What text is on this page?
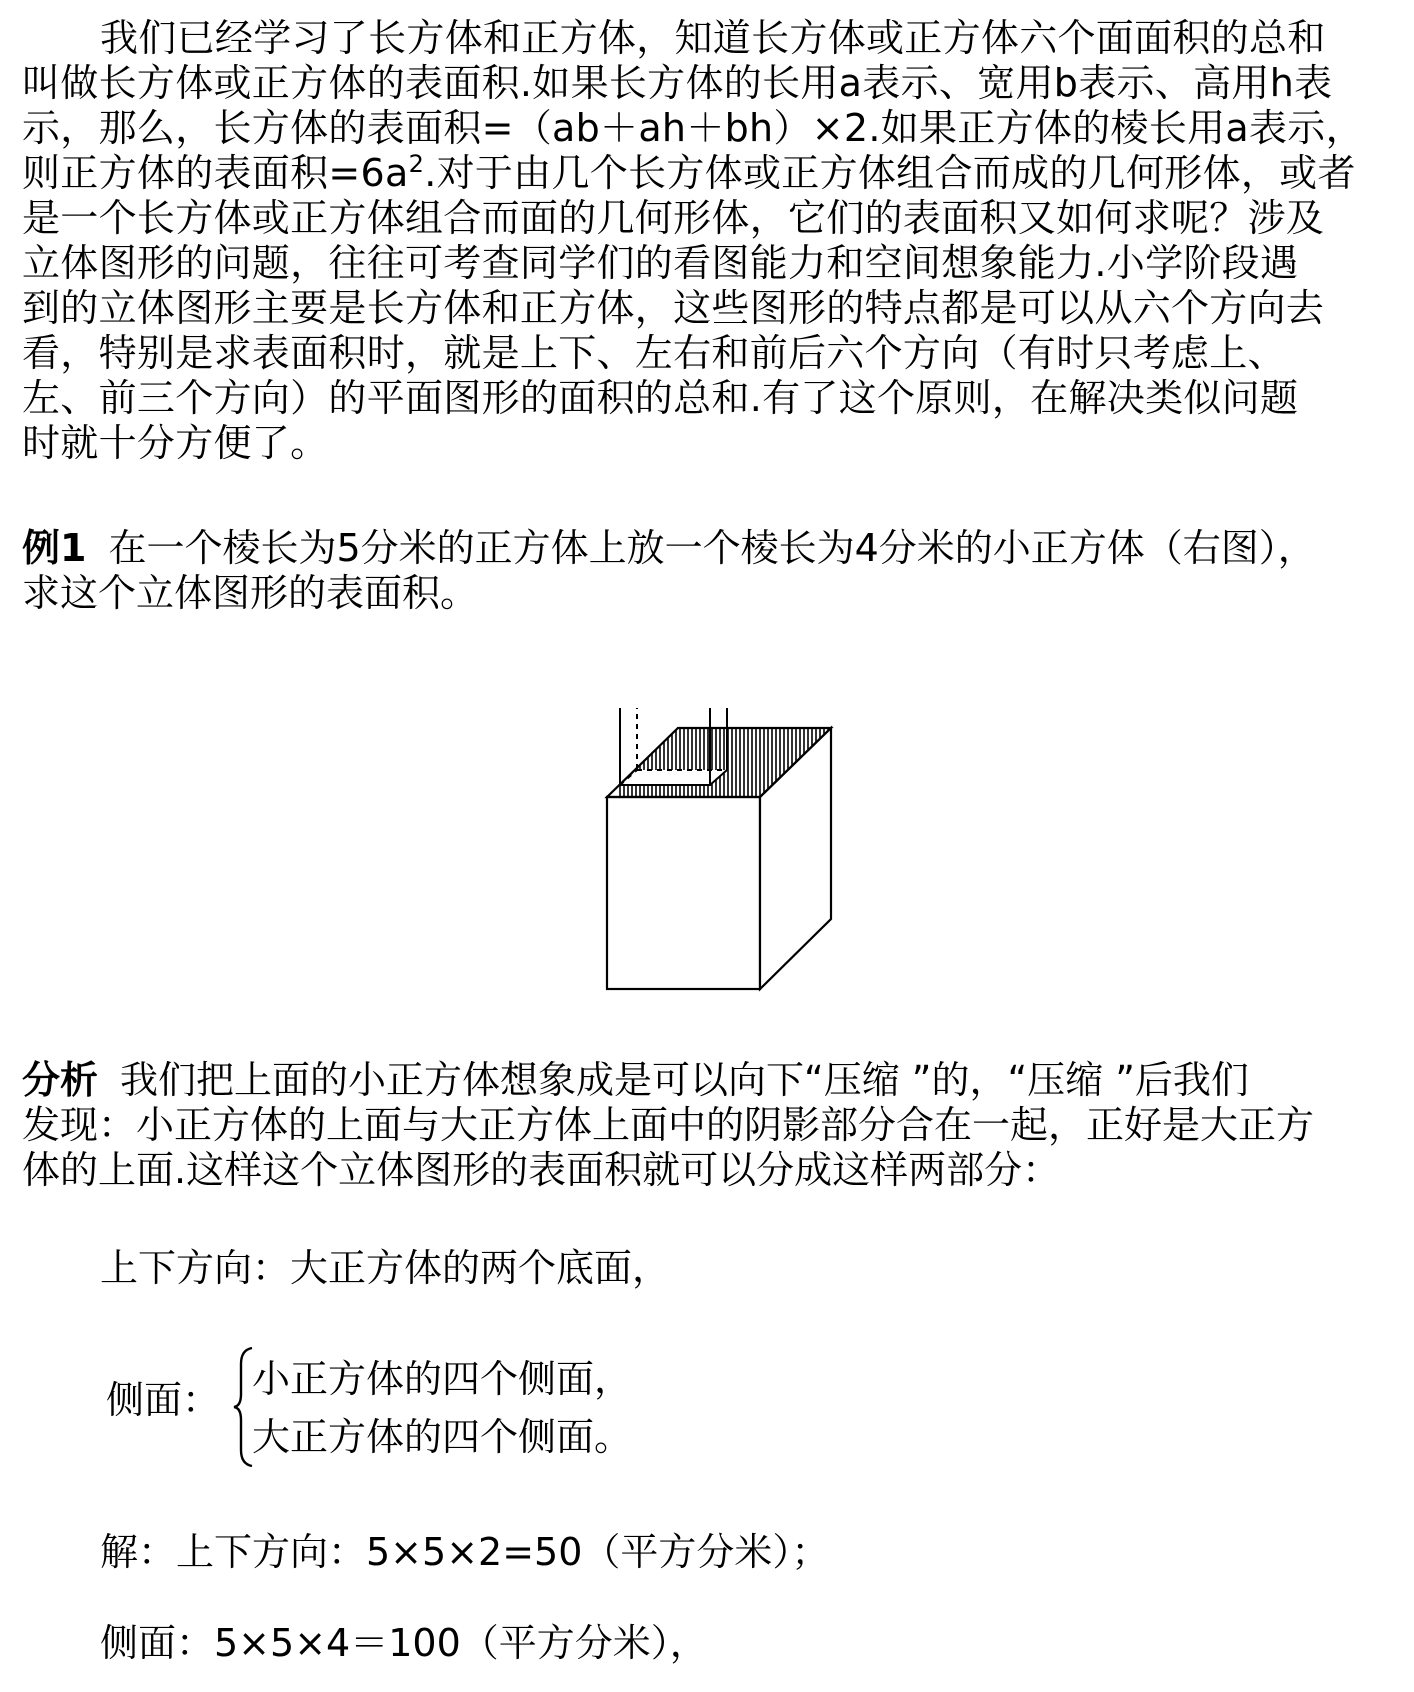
我们已经学习了长方体和正方体，知道长方体或正方体六个面面积的总和
叫做长方体或正方体的表面积.如果长方体的长用a表示、宽用b表示、高用h表
示，那么，长方体的表面积=（ab＋ah＋bh）×2.如果正方体的棱长用a表示，
则正方体的表面积$=6a^2$.对于由几个长方体或正方体组合而成的几何形体，或者
是一个长方体或正方体组合而面的几何形体，它们的表面积又如何求呢？涉及
立体图形的问题，往往可考查同学们的看图能力和空间想象能力.小学阶段遇
到的立体图形主要是长方体和正方体，这些图形的特点都是可以从六个方向去
看，特别是求表面积时，就是上下、左右和前后六个方向（有时只考虑上、
左、前三个方向）的平面图形的面积的总和.有了这个原则，在解决类似问题
时就十分方便了。
例1 在一个棱长为5分米的正方体上放一个棱长为4分米的小正方体（右图），
求这个立体图形的表面积。
分析 我们把上面的小正方体想象成是可以向下“压缩 ”的，“压缩 ”后我们
发现：小正方体的上面与大正方体上面中的阴影部分合在一起，正好是大正方
体的上面.这样这个立体图形的表面积就可以分成这样两部分：
上下方向：大正方体的两个底面，
侧面： 小正方体的四个侧面，
大正方体的四个侧面。
解：上下方向：5×5×2=50（平方分米）；
侧面：5×5×4＝100（平方分米），
